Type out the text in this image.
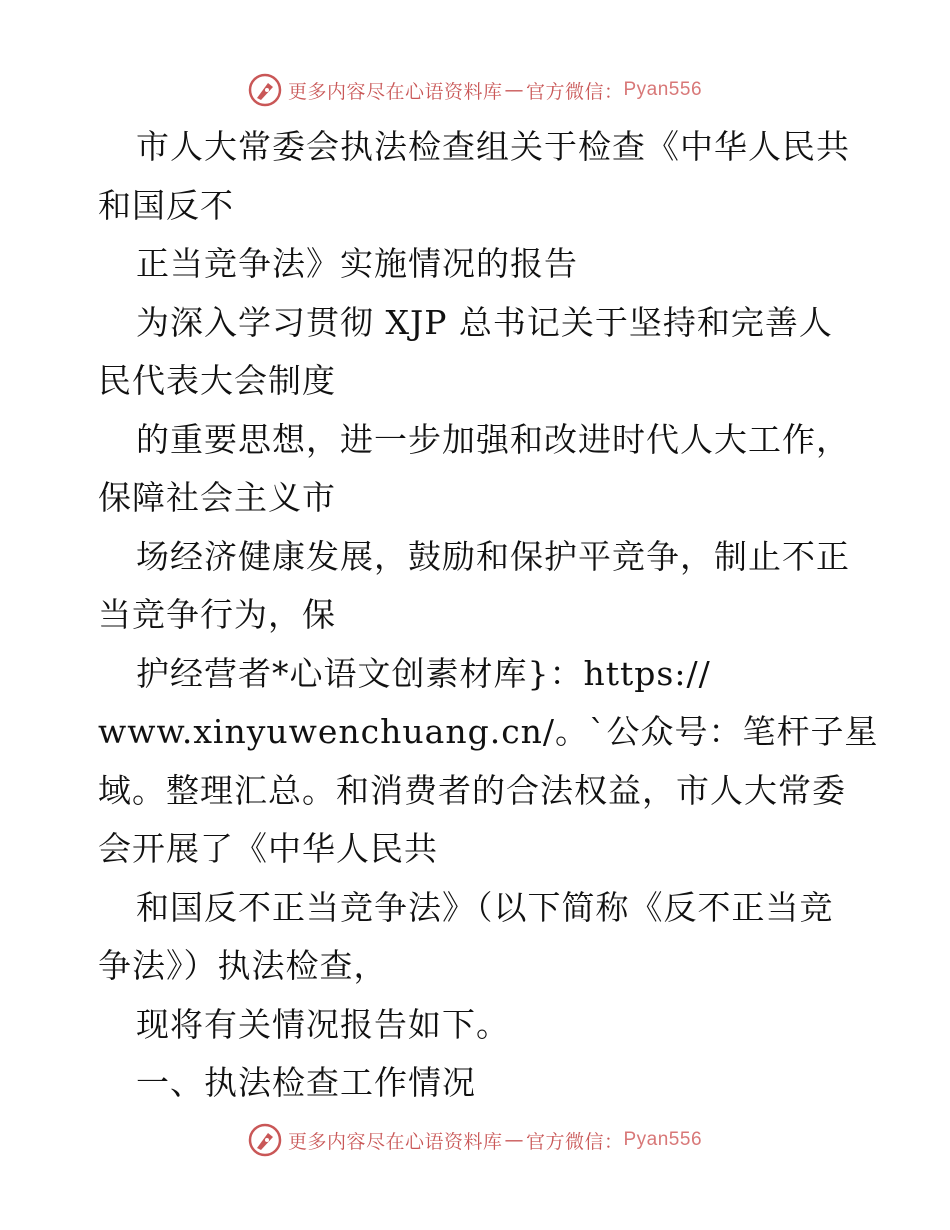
更多内容尽在心语资料库 — 官方微信： Pyan556
市人大常委会执法检查组关于检查《中华人民共
和国反不
正当竞争法》实施情况的报告
为深入学习贯彻 XJP 总书记关于坚持和完善人
民代表大会制度
的重要思想，进一步加强和改进时代人大工作，
保障社会主义市
场经济健康发展，鼓励和保护平竞争，制止不正
当竞争行为，保
护经营者*心语文创素材库}：https://
www.xinyuwenchuang.cn/。`公众号：笔杆子星
域。整理汇总。和消费者的合法权益，市人大常委
会开展了《中华人民共
和国反不正当竞争法》（以下简称《反不正当竞
争法》）执法检查，
现将有关情况报告如下。
一、执法检查工作情况
更多内容尽在心语资料库 — 官方微信： Pyan556
